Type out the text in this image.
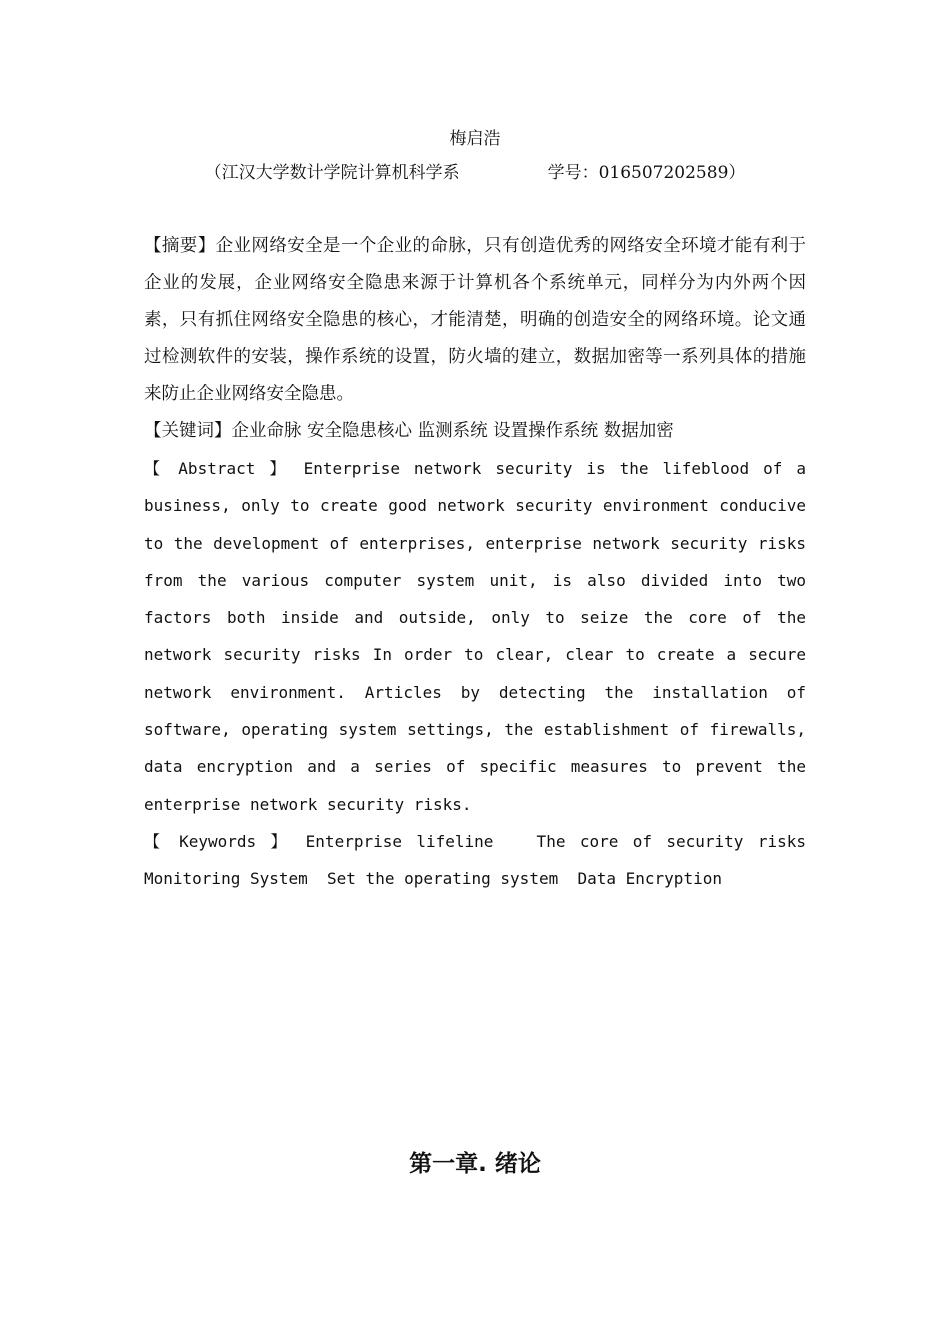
梅启浩
（江汉大学数计学院计算机科学系	学号：016507202589）

【摘要】企业网络安全是一个企业的命脉，只有创造优秀的网络安全环境才能有利于企业的发展，企业网络安全隐患来源于计算机各个系统单元，同样分为内外两个因素，只有抓住网络安全隐患的核心，才能清楚，明确的创造安全的网络环境。论文通过检测软件的安装，操作系统的设置，防火墙的建立，数据加密等一系列具体的措施来防止企业网络安全隐患。

【关键词】企业命脉 安全隐患核心 监测系统 设置操作系统 数据加密

【 Abstract 】 Enterprise network security is the lifeblood of a business, only to create good network security environment conducive to the development of enterprises, enterprise network security risks from the various computer system unit, is also divided into two factors both inside and outside, only to seize the core of the network security risks In order to clear, clear to create a secure network environment. Articles by detecting the installation of software, operating system settings, the establishment of firewalls, data encryption and a series of specific measures to prevent the enterprise network security risks.

【 Keywords 】 Enterprise lifeline   The core of security risks Monitoring System  Set the operating system  Data Encryption

第一章. 绪论
